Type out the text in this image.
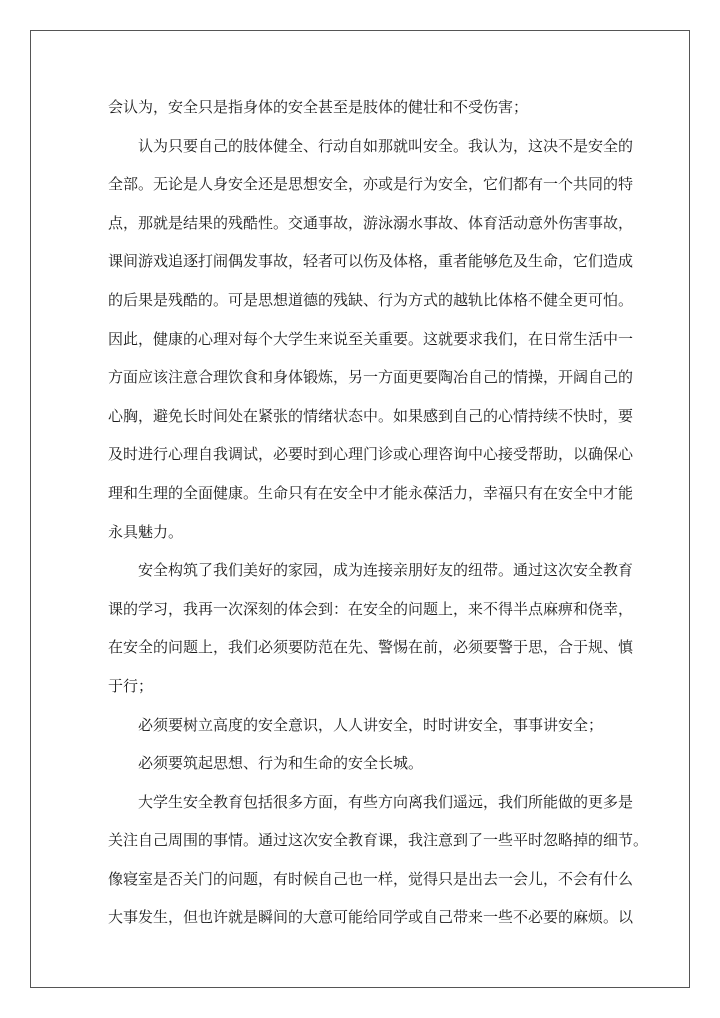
会认为，安全只是指身体的安全甚至是肢体的健壮和不受伤害；
认为只要自己的肢体健全、行动自如那就叫安全。我认为，这决不是安全的
全部。无论是人身安全还是思想安全，亦或是行为安全，它们都有一个共同的特
点，那就是结果的残酷性。交通事故，游泳溺水事故、体育活动意外伤害事故，
课间游戏追逐打闹偶发事故，轻者可以伤及体格，重者能够危及生命，它们造成
的后果是残酷的。可是思想道德的残缺、行为方式的越轨比体格不健全更可怕。
因此，健康的心理对每个大学生来说至关重要。这就要求我们，在日常生活中一
方面应该注意合理饮食和身体锻炼，另一方面更要陶冶自己的情操，开阔自己的
心胸，避免长时间处在紧张的情绪状态中。如果感到自己的心情持续不快时，要
及时进行心理自我调试，必要时到心理门诊或心理咨询中心接受帮助，以确保心
理和生理的全面健康。生命只有在安全中才能永葆活力，幸福只有在安全中才能
永具魅力。
安全构筑了我们美好的家园，成为连接亲朋好友的纽带。通过这次安全教育
课的学习，我再一次深刻的体会到：在安全的问题上，来不得半点麻痹和侥幸，
在安全的问题上，我们必须要防范在先、警惕在前，必须要警于思，合于规、慎
于行；
必须要树立高度的安全意识，人人讲安全，时时讲安全，事事讲安全；
必须要筑起思想、行为和生命的安全长城。
大学生安全教育包括很多方面，有些方向离我们遥远，我们所能做的更多是
关注自己周围的事情。通过这次安全教育课，我注意到了一些平时忽略掉的细节。
像寝室是否关门的问题，有时候自己也一样，觉得只是出去一会儿，不会有什么
大事发生，但也许就是瞬间的大意可能给同学或自己带来一些不必要的麻烦。以
